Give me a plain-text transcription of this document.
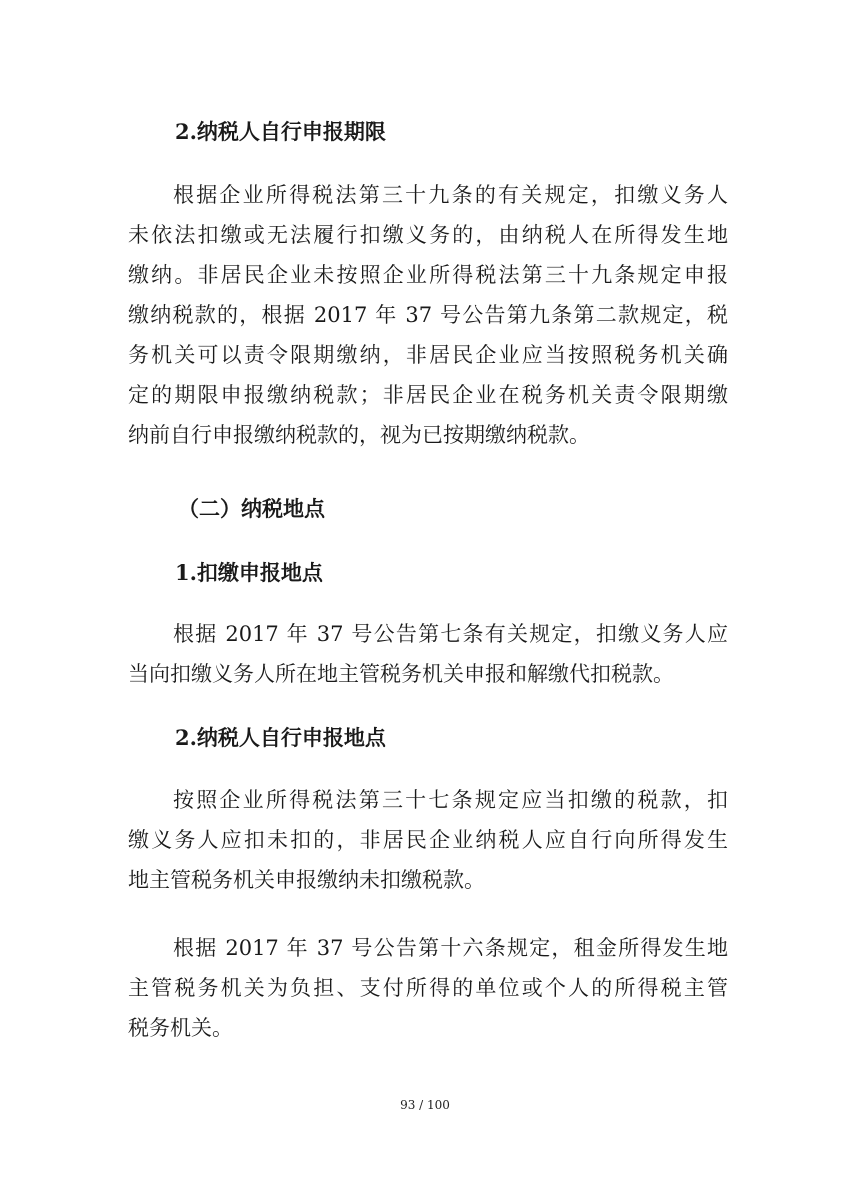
2.纳税人自行申报期限
根据企业所得税法第三十九条的有关规定，扣缴义务人
未依法扣缴或无法履行扣缴义务的，由纳税人在所得发生地
缴纳。非居民企业未按照企业所得税法第三十九条规定申报
缴纳税款的，根据 2017 年 37 号公告第九条第二款规定，税
务机关可以责令限期缴纳，非居民企业应当按照税务机关确
定的期限申报缴纳税款；非居民企业在税务机关责令限期缴
纳前自行申报缴纳税款的，视为已按期缴纳税款。
（二）纳税地点
1.扣缴申报地点
根据 2017 年 37 号公告第七条有关规定，扣缴义务人应
当向扣缴义务人所在地主管税务机关申报和解缴代扣税款。
2.纳税人自行申报地点
按照企业所得税法第三十七条规定应当扣缴的税款，扣
缴义务人应扣未扣的，非居民企业纳税人应自行向所得发生
地主管税务机关申报缴纳未扣缴税款。
根据 2017 年 37 号公告第十六条规定，租金所得发生地
主管税务机关为负担、支付所得的单位或个人的所得税主管
税务机关。
93 / 100
